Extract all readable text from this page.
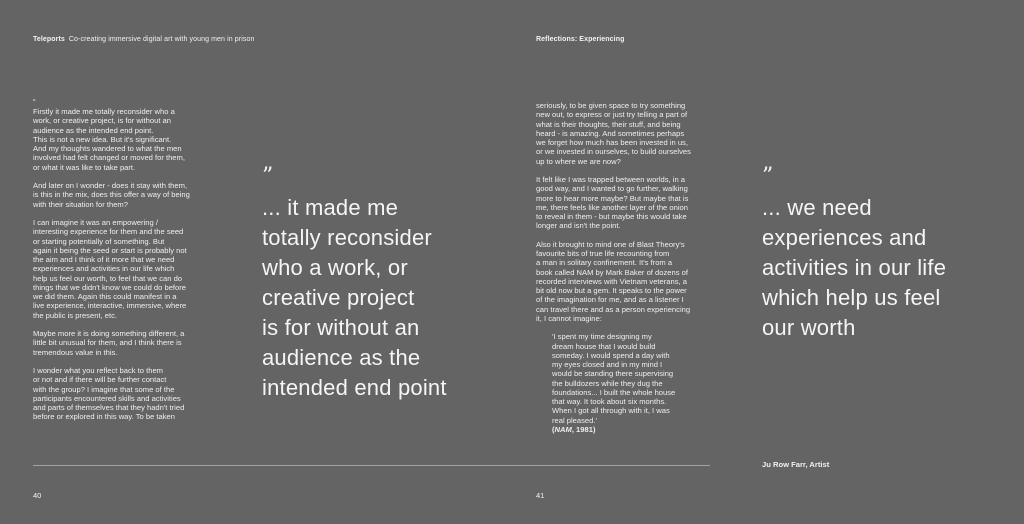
Teleports Co-creating immersive digital art with young men in prison
“

Firstly it made me totally reconsider who a
work, or creative project, is for without an
audience as the intended end point.
This is not a new idea. But it's significant.
And my thoughts wandered to what the men
involved had felt changed or moved for them,
or what it was like to take part.

And later on I wonder - does it stay with them,
is this in the mix, does this offer a way of being
with their situation for them?

I can imagine it was an empowering /
interesting experience for them and the seed
or starting potentially of something. But
again it being the seed or start is probably not
the aim and I think of it more that we need
experiences and activities in our life which
help us feel our worth, to feel that we can do
things that we didn't know we could do before
we did them. Again this could manifest in a
live experience, interactive, immersive, where
the public is present, etc.

Maybe more it is doing something different, a
little bit unusual for them, and I think there is
tremendous value in this.

I wonder what you reflect back to them
or not and if there will be further contact
with the group? I imagine that some of the
participants encountered skills and activities
and parts of themselves that they hadn't tried
before or explored in this way. To be taken

”
... it made me
totally reconsider
who a work, or
creative project
is for without an
audience as the
intended end point
40
Reflections: Experiencing

seriously, to be given space to try something
new out, to express or just try telling a part of
what is their thoughts, their stuff, and being
heard - is amazing. And sometimes perhaps
we forget how much has been invested in us,
or we invested in ourselves, to build ourselves
up to where we are now?

It felt like I was trapped between worlds, in a
good way, and I wanted to go further, walking
more to hear more maybe? But maybe that is
me, there feels like another layer of the onion
to reveal in them - but maybe this would take
longer and isn't the point.

Also it brought to mind one of Blast Theory's
favourite bits of true life recounting from
a man in solitary confinement. It's from a
book called NAM by Mark Baker of dozens of
recorded interviews with Vietnam veterans, a
bit old now but a gem. It speaks to the power
of the imagination for me, and as a listener I
can travel there and as a person experiencing
it, I cannot imagine:

'I spent my time designing my
dream house that I would build
someday. I would spend a day with
my eyes closed and in my mind I
would be standing there supervising
the bulldozers while they dug the
foundations... I built the whole house
that way. It took about six months.
When I got all through with it, I was
real pleased.'
(NAM, 1981)
”
... we need
experiences and
activities in our life
which help us feel
our worth
Ju Row Farr, Artist
41
